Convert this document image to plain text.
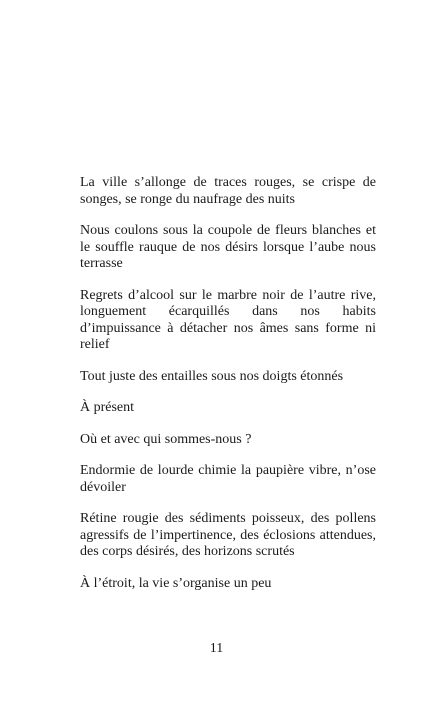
La ville s’allonge de traces rouges, se crispe de songes, se ronge du naufrage des nuits

Nous coulons sous la coupole de fleurs blanches et le souffle rauque de nos désirs lorsque l’aube nous terrasse

Regrets d’alcool sur le marbre noir de l’autre rive, longuement écarquillés dans nos habits d’impuissance à détacher nos âmes sans forme ni relief

Tout juste des entailles sous nos doigts étonnés

À présent

Où et avec qui sommes-nous ?

Endormie de lourde chimie la paupière vibre, n’ose dévoiler

Rétine rougie des sédiments poisseux, des pollens agressifs de l’impertinence, des éclosions attendues, des corps désirés, des horizons scrutés

À l’étroit, la vie s’organise un peu

11
